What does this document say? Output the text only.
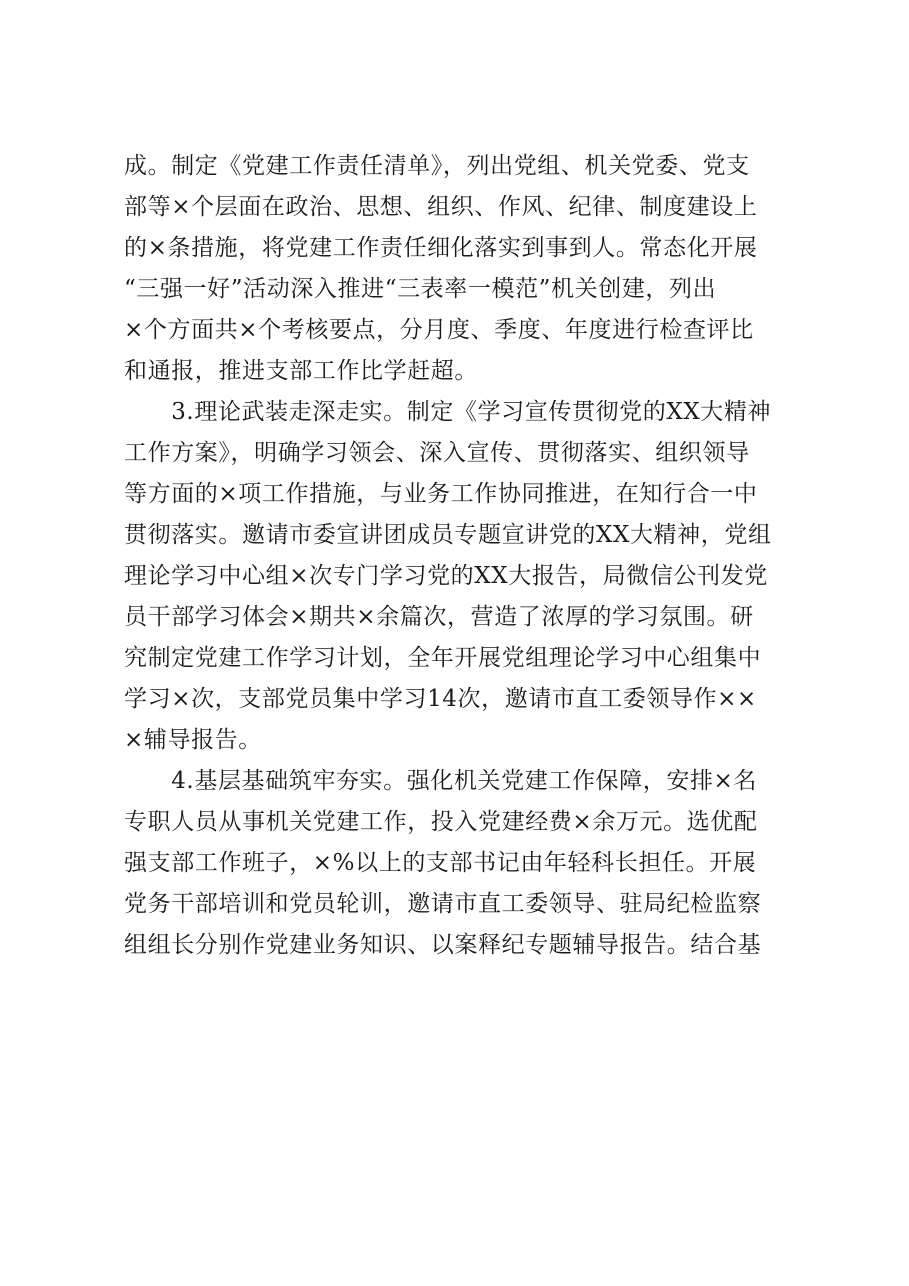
成。制定《党建工作责任清单》，列出党组、机关党委、党支
部等×个层面在政治、思想、组织、作风、纪律、制度建设上
的×条措施，将党建工作责任细化落实到事到人。常态化开展
“三强一好”活动深入推进“三表率一模范”机关创建，列出
×个方面共×个考核要点，分月度、季度、年度进行检查评比
和通报，推进支部工作比学赶超。
　　3.理论武装走深走实。制定《学习宣传贯彻党的XX大精神
工作方案》，明确学习领会、深入宣传、贯彻落实、组织领导
等方面的×项工作措施，与业务工作协同推进，在知行合一中
贯彻落实。邀请市委宣讲团成员专题宣讲党的XX大精神，党组
理论学习中心组×次专门学习党的XX大报告，局微信公刊发党
员干部学习体会×期共×余篇次，营造了浓厚的学习氛围。研
究制定党建工作学习计划，全年开展党组理论学习中心组集中
学习×次，支部党员集中学习14次，邀请市直工委领导作××
×辅导报告。
　　4.基层基础筑牢夯实。强化机关党建工作保障，安排×名
专职人员从事机关党建工作，投入党建经费×余万元。选优配
强支部工作班子，×%以上的支部书记由年轻科长担任。开展
党务干部培训和党员轮训，邀请市直工委领导、驻局纪检监察
组组长分别作党建业务知识、以案释纪专题辅导报告。结合基
